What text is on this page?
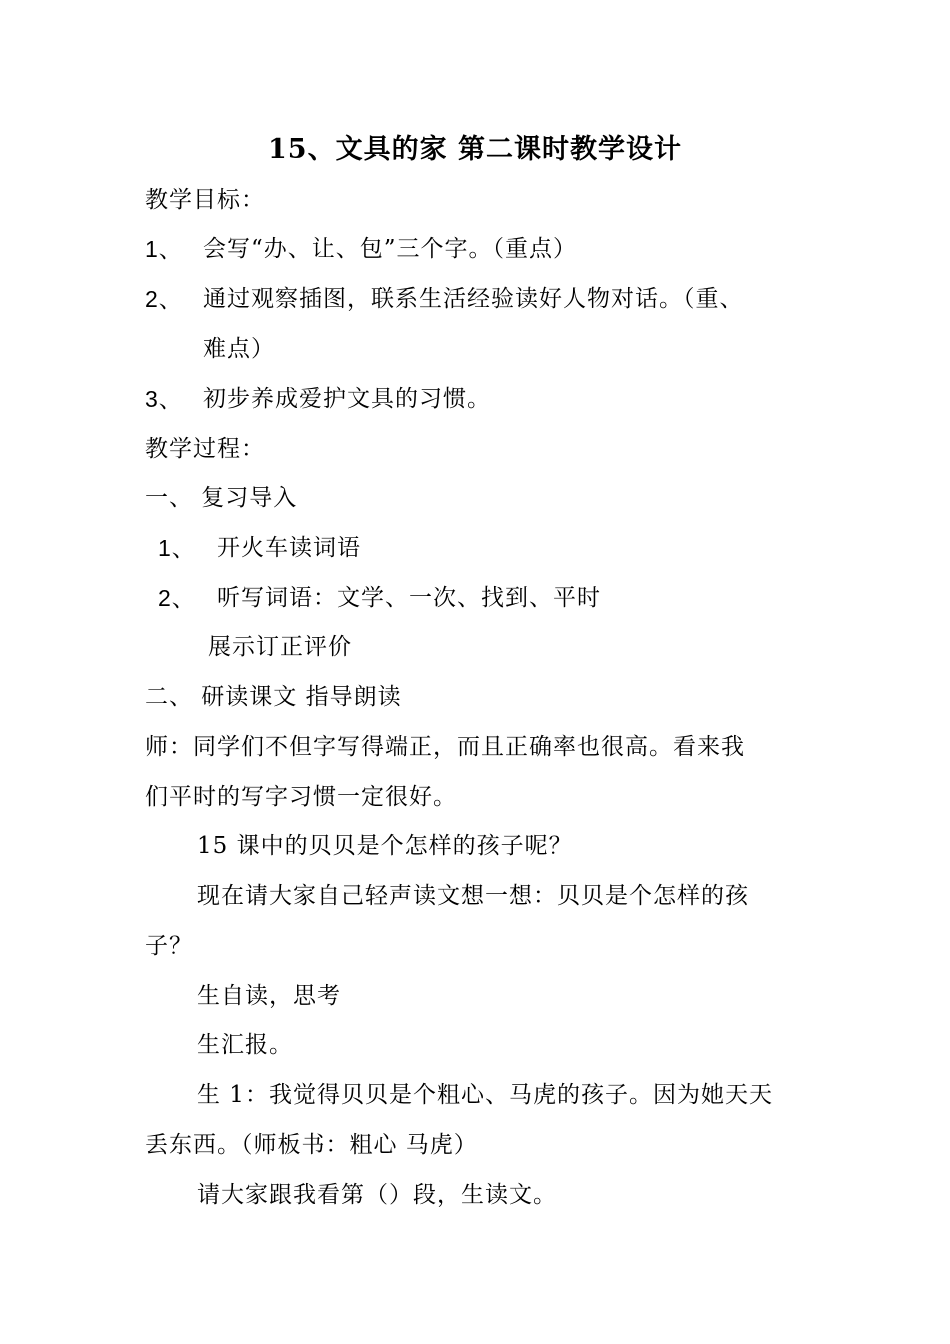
15、文具的家 第二课时教学设计
教学目标：
1、 会写“办、让、包”三个字。（重点）
2、 通过观察插图，联系生活经验读好人物对话。（重、
难点）
3、 初步养成爱护文具的习惯。
教学过程：
一、 复习导入
1、 开火车读词语
2、 听写词语：文学、一次、找到、平时
展示订正评价
二、 研读课文 指导朗读
师：同学们不但字写得端正，而且正确率也很高。看来我
们平时的写字习惯一定很好。
15 课中的贝贝是个怎样的孩子呢？
现在请大家自己轻声读文想一想：贝贝是个怎样的孩
子？
生自读，思考
生汇报。
生 1：我觉得贝贝是个粗心、马虎的孩子。因为她天天
丢东西。（师板书：粗心 马虎）
请大家跟我看第（）段，生读文。
